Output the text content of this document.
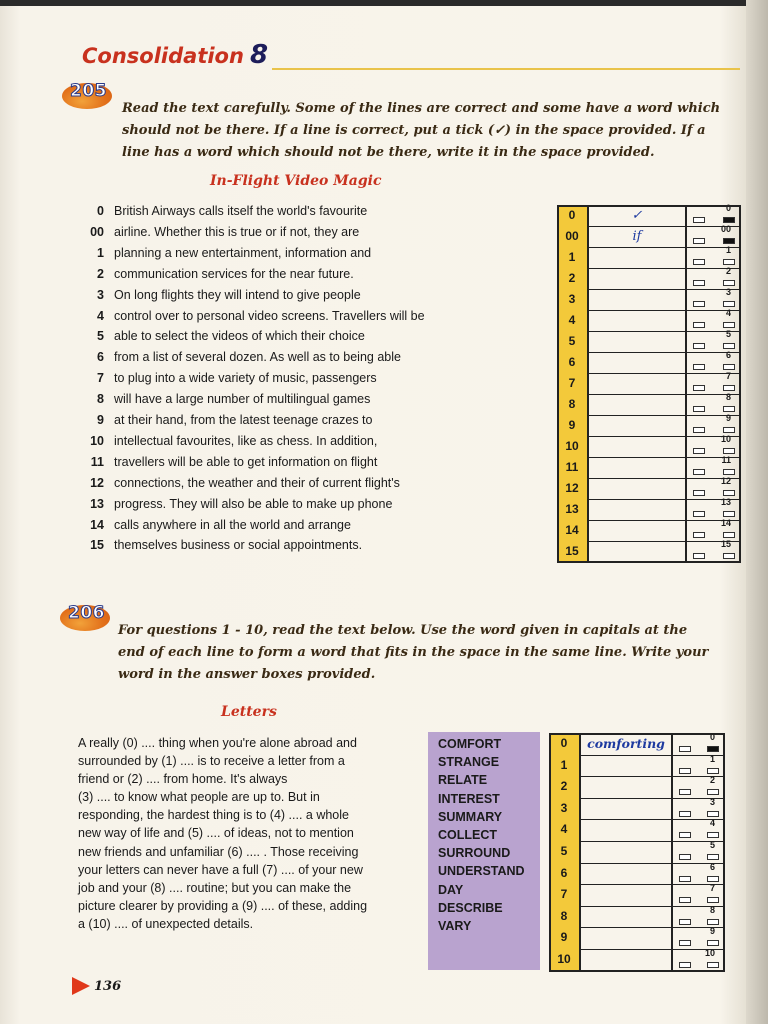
Consolidation 8
205
Read the text carefully. Some of the lines are correct and some have a word which should not be there. If a line is correct, put a tick (✓) in the space provided. If a line has a word which should not be there, write it in the space provided.
In-Flight Video Magic
0 British Airways calls itself the world's favourite
00 airline. Whether this is true or if not, they are
1 planning a new entertainment, information and
2 communication services for the near future.
3 On long flights they will intend to give people
4 control over to personal video screens. Travellers will be
5 able to select the videos of which their choice
6 from a list of several dozen. As well as to being able
7 to plug into a wide variety of music, passengers
8 will have a large number of multilingual games
9 at their hand, from the latest teenage crazes to
10 intellectual favourites, like as chess. In addition,
11 travellers will be able to get information on flight
12 connections, the weather and their of current flight's
13 progress. They will also be able to make up phone
14 calls anywhere in all the world and arrange
15 themselves business or social appointments.
0	✓	0
00	if	00
1	1
2	2
3	3
4	4
5	5
6	6
7	7
8	8
9	9
10	10
11	11
12	12
13	13
14	14
15	15
206
For questions 1 - 10, read the text below. Use the word given in capitals at the end of each line to form a word that fits in the space in the same line. Write your word in the answer boxes provided.
Letters
A really (0) .... thing when you're alone abroad and
surrounded by (1) .... is to receive a letter from a
friend or (2) .... from home. It's always
(3) .... to know what people are up to. But in
responding, the hardest thing is to (4) .... a whole
new way of life and (5) .... of ideas, not to mention
new friends and unfamiliar (6) .... . Those receiving
your letters can never have a full (7) .... of your new
job and your (8) .... routine; but you can make the
picture clearer by providing a (9) .... of these, adding
a (10) .... of unexpected details.
COMFORT
STRANGE
RELATE
INTEREST
SUMMARY
COLLECT
SURROUND
UNDERSTAND
DAY
DESCRIBE
VARY
0	comforting	0
1	1
2	2
3	3
4	4
5	5
6	6
7	7
8	8
9	9
10	10
136
